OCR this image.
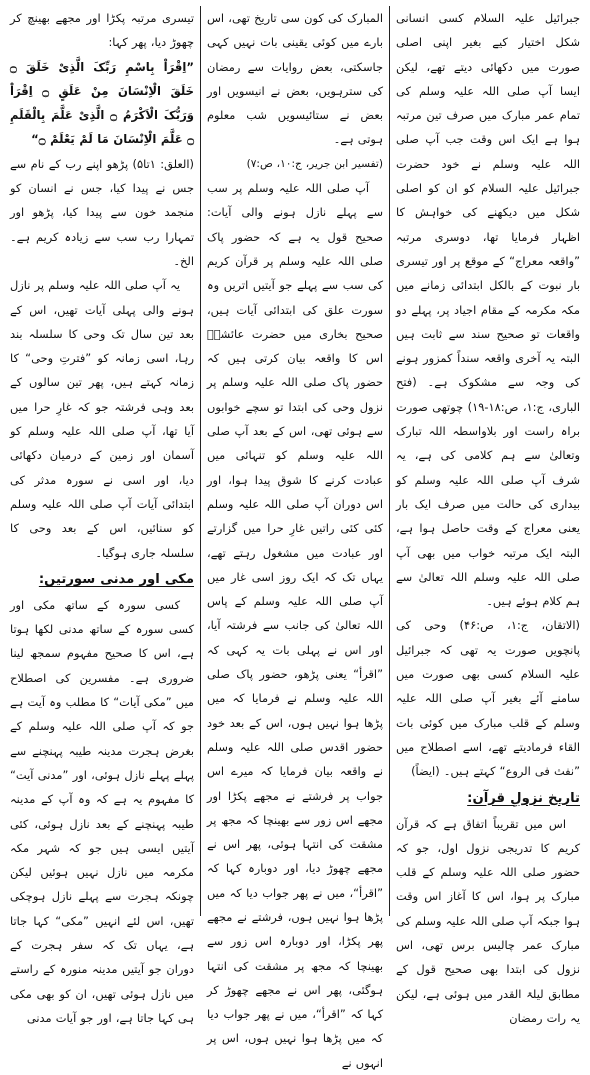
جبرائیل علیہ السلام کسی انسانی شکل اختیار کیے بغیر اپنی اصلی صورت میں دکھائی دیتے تھے، لیکن ایسا آپ صلی اللہ علیہ وسلم کی تمام عمر مبارک میں صرف تین مرتبہ ہوا ہے ایک اس وقت جب آپ صلی اللہ علیہ وسلم نے خود حضرت جبرائیل علیہ السلام کو ان کو اصلی شکل میں دیکھنے کی خواہش کا اظہار فرمایا تھا، دوسری مرتبہ ”واقعہ معراج“ کے موقع پر اور تیسری بار نبوت کے بالکل ابتدائی زمانے میں مکہ مکرمہ کے مقام اجیاد پر، پہلے دو واقعات تو صحیح سند سے ثابت ہیں البتہ یہ آخری واقعہ سنداً کمزور ہونے کی وجہ سے مشکوک ہے۔ (فتح الباری، ج:۱، ص:۱۸-۱۹) چوتھی صورت براہ راست اور بلاواسطہ اللہ تبارک وتعالیٰ سے ہم کلامی کی ہے، یہ شرف آپ صلی اللہ علیہ وسلم کو بیداری کی حالت میں صرف ایک بار یعنی معراج کے وقت حاصل ہوا ہے، البتہ ایک مرتبہ خواب میں بھی آپ صلی اللہ علیہ وسلم اللہ تعالیٰ سے ہم کلام ہوئے ہیں۔

(الاتقان، ج:۱، ص:۴۶) وحی کی پانچویں صورت یہ تھی کہ جبرائیل علیہ السلام کسی بھی صورت میں سامنے آئے بغیر آپ صلی اللہ علیہ وسلم کے قلب مبارک میں کوئی بات القاء فرمادیتے تھے، اسے اصطلاح میں ”نفث فی الروع“ کہتے ہیں۔ (ایضاً)

تاریخ نزولِ قرآن:

اس میں تقریباً اتفاق ہے کہ قرآن کریم کا تدریجی نزول اول، جو کہ حضور صلی اللہ علیہ وسلم کے قلب مبارک پر ہوا، اس کا آغاز اس وقت ہوا جبکہ آپ صلی اللہ علیہ وسلم کی مبارک عمر چالیس برس تھی، اس نزول کی ابتدا بھی صحیح قول کے مطابق لیلۃ القدر میں ہوئی ہے، لیکن یہ رات رمضان

المبارک کی کون سی تاریخ تھی، اس بارے میں کوئی یقینی بات نہیں کہی جاسکتی، بعض روایات سے رمضان کی سترہویں، بعض نے انیسویں اور بعض نے ستائیسویں شب معلوم ہوتی ہے۔

(تفسیر ابن جریر، ج:۱۰، ص:۷)

آپ صلی اللہ علیہ وسلم پر سب سے پہلے نازل ہونے والی آیات: صحیح قول یہ ہے کہ حضور پاک صلی اللہ علیہ وسلم پر قرآن کریم کی سب سے پہلے جو آیتیں اتریں وہ سورت علق کی ابتدائی آیات ہیں، صحیح بخاری میں حضرت عائشہؓ اس کا واقعہ بیان کرتی ہیں کہ حضور پاک صلی اللہ علیہ وسلم پر نزول وحی کی ابتدا تو سچے خوابوں سے ہوئی تھی، اس کے بعد آپ صلی اللہ علیہ وسلم کو تنہائی میں عبادت کرنے کا شوق پیدا ہوا، اور اس دوران آپ صلی اللہ علیہ وسلم کئی کئی راتیں غارِ حرا میں گزارتے اور عبادت میں مشغول رہتے تھے، یہاں تک کہ ایک روز اسی غار میں آپ صلی اللہ علیہ وسلم کے پاس اللہ تعالیٰ کی جانب سے فرشتہ آیا، اور اس نے پہلی بات یہ کہی کہ ”اقرأ“ یعنی پڑھو، حضور پاک صلی اللہ علیہ وسلم نے فرمایا کہ میں پڑھا ہوا نہیں ہوں، اس کے بعد خود حضور اقدس صلی اللہ علیہ وسلم نے واقعہ بیان فرمایا کہ میرے اس جواب پر فرشتے نے مجھے پکڑا اور مجھے اس زور سے بھینچا کہ مجھ پر مشقت کی انتہا ہوئی، پھر اس نے مجھے چھوڑ دیا، اور دوبارہ کہا کہ ”اقرأ“، میں نے پھر جواب دیا کہ میں پڑھا ہوا نہیں ہوں، فرشتے نے مجھے پھر پکڑا، اور دوبارہ اس زور سے بھینچا کہ مجھ پر مشقت کی انتہا ہوگئی، پھر اس نے مجھے چھوڑ کر کہا کہ ”اقرأ“، میں نے پھر جواب دیا کہ میں پڑھا ہوا نہیں ہوں، اس پر انہوں نے

تیسری مرتبہ پکڑا اور مجھے بھینچ کر چھوڑ دیا، پھر کہا:

”اِقْرَاْ بِاسْمِ رَبِّکَ الَّذِیْ خَلَقَ ۝ خَلَقَ الْاِنْسَانَ مِنْ عَلَقٍ ۝ اِقْرَاْ وَرَبُّکَ الْاَکْرَمُ ۝ الَّذِیْ عَلَّمَ بِالْقَلَمِ ۝ عَلَّمَ الْاِنْسَانَ مَا لَمْ یَعْلَمْ ۝“

(العلق: ۱تا۵) پڑھو اپنے رب کے نام سے جس نے پیدا کیا، جس نے انسان کو منجمد خون سے پیدا کیا، پڑھو اور تمہارا رب سب سے زیادہ کریم ہے۔ الخ۔

یہ آپ صلی اللہ علیہ وسلم پر نازل ہونے والی پہلی آیات تھیں، اس کے بعد تین سال تک وحی کا سلسلہ بند رہا، اسی زمانہ کو ”فترتِ وحی“ کا زمانہ کہتے ہیں، پھر تین سالوں کے بعد وہی فرشتہ جو کہ غارِ حرا میں آیا تھا، آپ صلی اللہ علیہ وسلم کو آسمان اور زمین کے درمیان دکھائی دیا، اور اسی نے سورہ مدثر کی ابتدائی آیات آپ صلی اللہ علیہ وسلم کو سنائیں، اس کے بعد وحی کا سلسلہ جاری ہوگیا۔

مکی اور مدنی سورتیں:

کسی سورہ کے ساتھ مکی اور کسی سورہ کے ساتھ مدنی لکھا ہوتا ہے، اس کا صحیح مفہوم سمجھ لینا ضروری ہے۔ مفسرین کی اصطلاح میں ”مکی آیات“ کا مطلب وہ آیت ہے جو کہ آپ صلی اللہ علیہ وسلم کے بغرض ہجرت مدینہ طیبہ پہنچنے سے پہلے پہلے نازل ہوئی، اور ”مدنی آیت“ کا مفہوم یہ ہے کہ وہ آپ کے مدینہ طیبہ پہنچنے کے بعد نازل ہوئی، کئی آیتیں ایسی ہیں جو کہ شہر مکہ مکرمہ میں نازل نہیں ہوئیں لیکن چونکہ ہجرت سے پہلے نازل ہوچکی تھیں، اس لئے انہیں ”مکی“ کہا جاتا ہے، یہاں تک کہ سفر ہجرت کے دوران جو آیتیں مدینہ منورہ کے راستے میں نازل ہوئی تھیں، ان کو بھی مکی ہی کہا جاتا ہے، اور جو آیات مدنی
